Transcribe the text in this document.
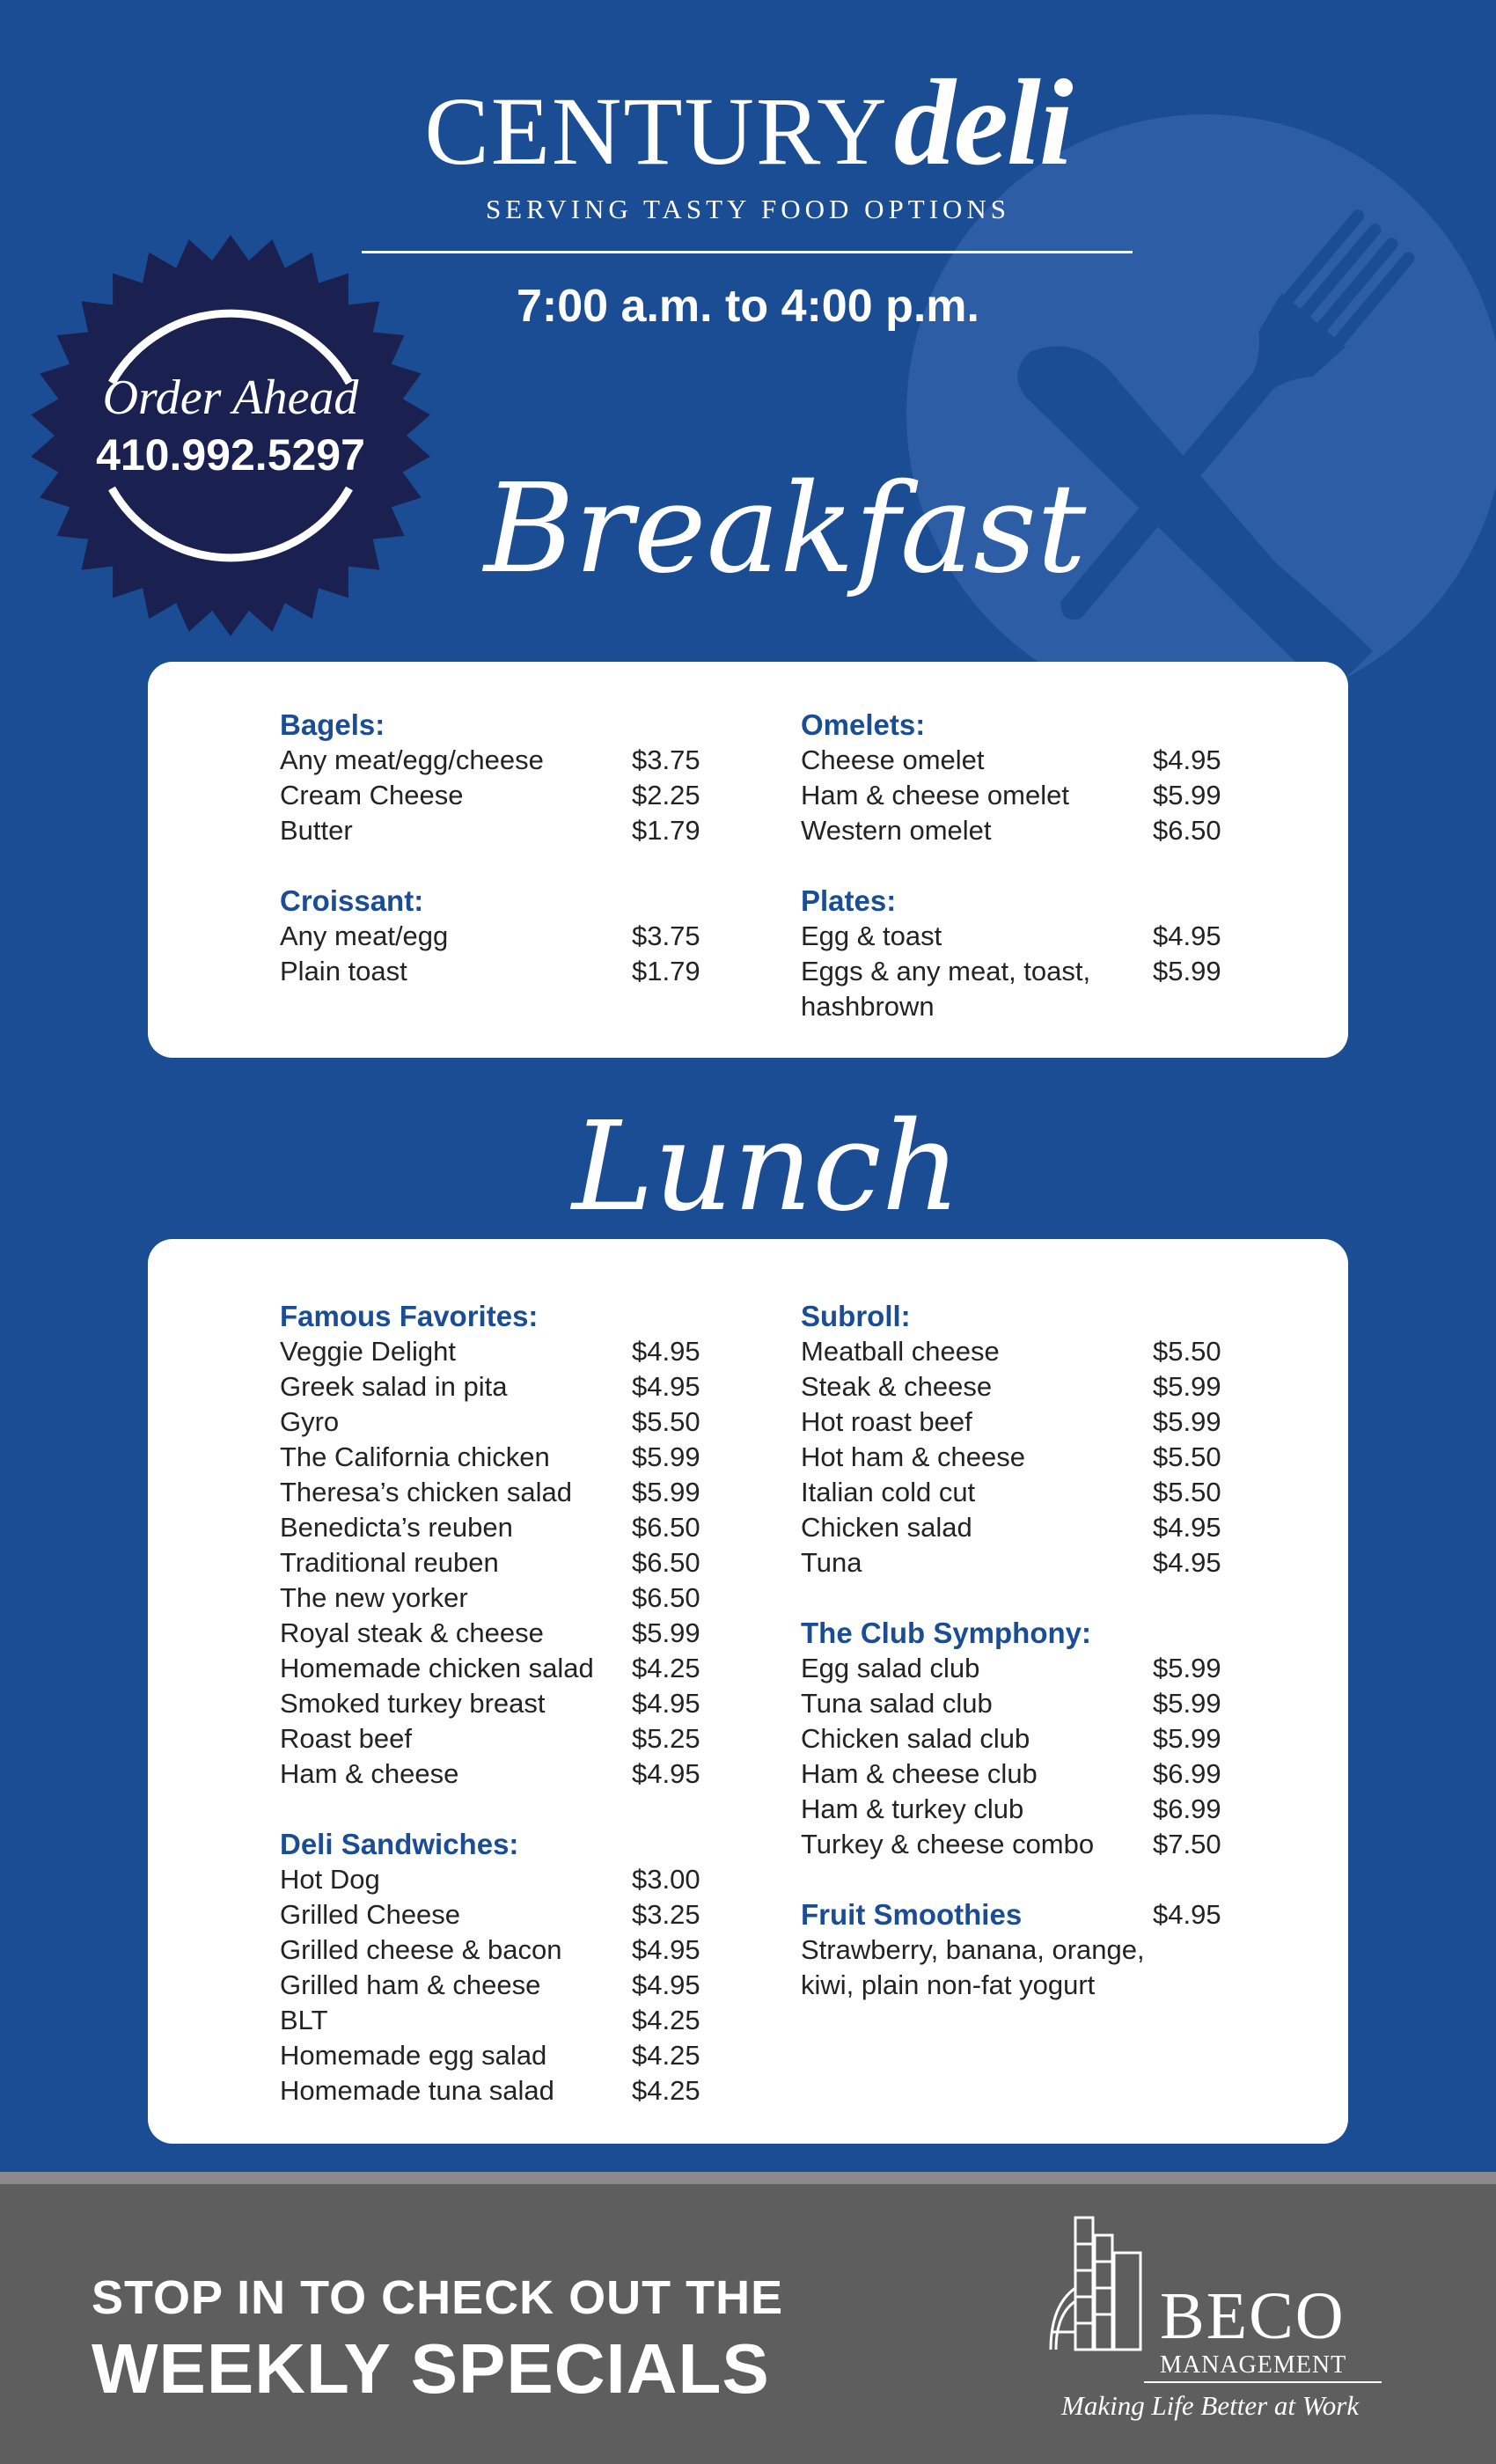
CENTURYdeli
SERVING TASTY FOOD OPTIONS
7:00 a.m. to 4:00 p.m.
Order Ahead
410.992.5297
Breakfast
Bagels:
Any meat/egg/cheese	$3.75
Cream Cheese	$2.25
Butter	$1.79
Croissant:
Any meat/egg	$3.75
Plain toast	$1.79
Omelets:
Cheese omelet	$4.95
Ham & cheese omelet	$5.99
Western omelet	$6.50
Plates:
Egg & toast	$4.95
Eggs & any meat, toast, $5.99
hashbrown
Lunch
Famous Favorites:
Veggie Delight	$4.95
Greek salad in pita	$4.95
Gyro	$5.50
The California chicken	$5.99
Theresa’s chicken salad $5.99
Benedicta’s reuben	$6.50
Traditional reuben	$6.50
The new yorker	$6.50
Royal steak & cheese	$5.99
Homemade chicken salad $4.25
Smoked turkey breast	$4.95
Roast beef	$5.25
Ham & cheese	$4.95
Deli Sandwiches:
Hot Dog	$3.00
Grilled Cheese	$3.25
Grilled cheese & bacon	$4.95
Grilled ham & cheese	$4.95
BLT	$4.25
Homemade egg salad	$4.25
Homemade tuna salad	$4.25
Subroll:
Meatball cheese	$5.50
Steak & cheese	$5.99
Hot roast beef	$5.99
Hot ham & cheese	$5.50
Italian cold cut	$5.50
Chicken salad	$4.95
Tuna	$4.95
The Club Symphony:
Egg salad club	$5.99
Tuna salad club	$5.99
Chicken salad club	$5.99
Ham & cheese club	$6.99
Ham & turkey club	$6.99
Turkey & cheese combo $7.50
Fruit Smoothies	$4.95
Strawberry, banana, orange,
kiwi, plain non-fat yogurt
STOP IN TO CHECK OUT THE
WEEKLY SPECIALS
BECO
MANAGEMENT
Making Life Better at Work
